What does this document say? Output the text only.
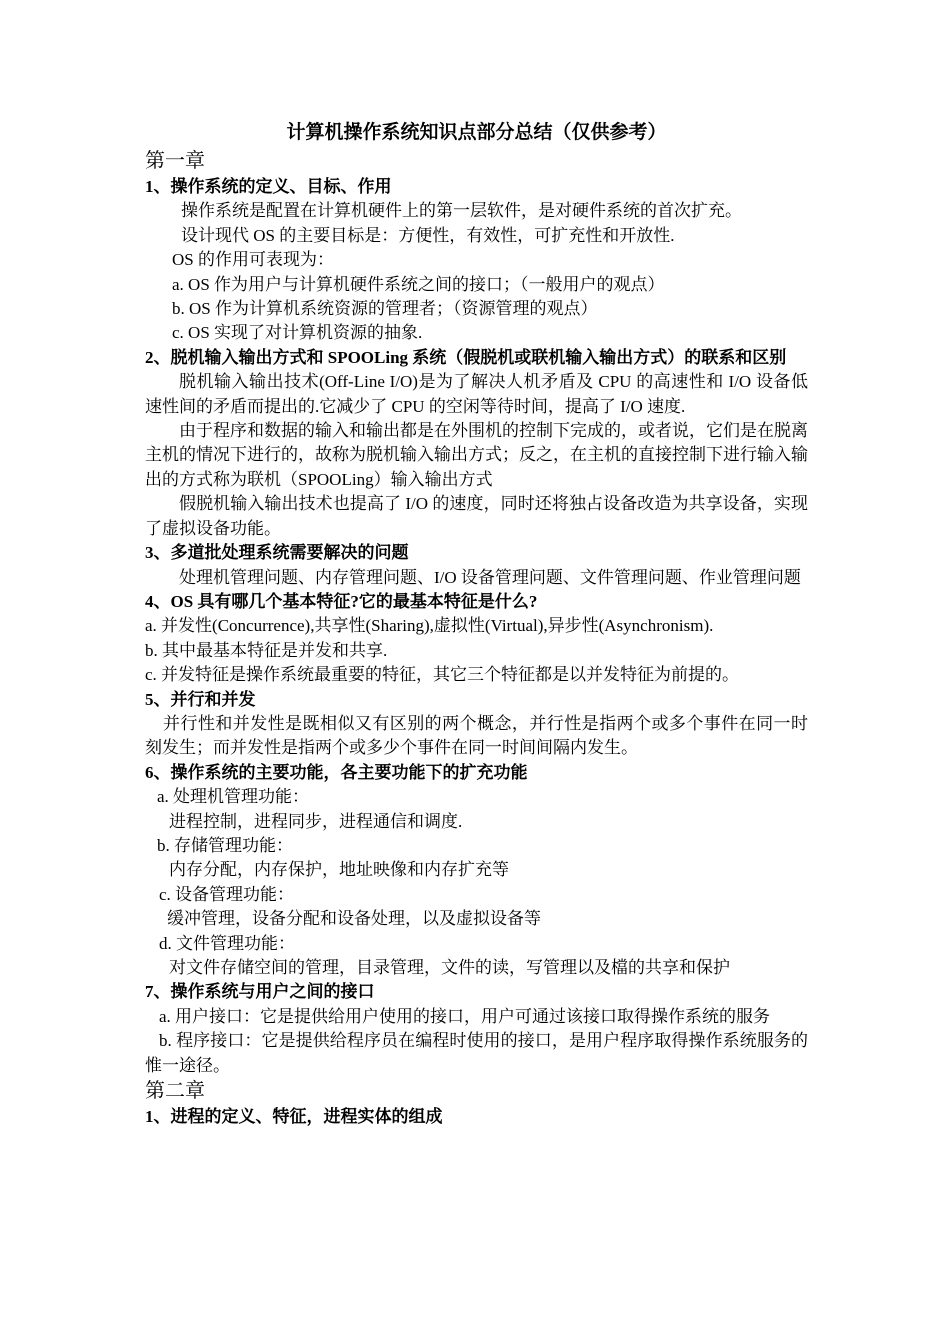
计算机操作系统知识点部分总结（仅供参考）
第一章
1、操作系统的定义、目标、作用
操作系统是配置在计算机硬件上的第一层软件，是对硬件系统的首次扩充。
设计现代 OS 的主要目标是：方便性，有效性，可扩充性和开放性.
OS 的作用可表现为：
a. OS 作为用户与计算机硬件系统之间的接口；（一般用户的观点）
b. OS 作为计算机系统资源的管理者；（资源管理的观点）
c. OS 实现了对计算机资源的抽象.
2、脱机输入输出方式和 SPOOLing 系统（假脱机或联机输入输出方式）的联系和区别
脱机输入输出技术(Off-Line I/O)是为了解决人机矛盾及 CPU 的高速性和 I/O 设备低速性间的矛盾而提出的.它减少了 CPU 的空闲等待时间，提高了 I/O 速度.
由于程序和数据的输入和输出都是在外围机的控制下完成的，或者说，它们是在脱离主机的情况下进行的，故称为脱机输入输出方式；反之，在主机的直接控制下进行输入输出的方式称为联机（SPOOLing）输入输出方式
假脱机输入输出技术也提高了 I/O 的速度，同时还将独占设备改造为共享设备，实现了虚拟设备功能。
3、多道批处理系统需要解决的问题
处理机管理问题、内存管理问题、I/O 设备管理问题、文件管理问题、作业管理问题
4、OS 具有哪几个基本特征?它的最基本特征是什么?
a. 并发性(Concurrence),共享性(Sharing),虚拟性(Virtual),异步性(Asynchronism).
b. 其中最基本特征是并发和共享.
c. 并发特征是操作系统最重要的特征，其它三个特征都是以并发特征为前提的。
5、并行和并发
并行性和并发性是既相似又有区别的两个概念，并行性是指两个或多个事件在同一时刻发生；而并发性是指两个或多少个事件在同一时间间隔内发生。
6、操作系统的主要功能，各主要功能下的扩充功能
a. 处理机管理功能：
进程控制，进程同步，进程通信和调度.
b. 存储管理功能：
内存分配，内存保护，地址映像和内存扩充等
c. 设备管理功能：
缓冲管理，设备分配和设备处理，以及虚拟设备等
d. 文件管理功能：
对文件存储空间的管理，目录管理，文件的读，写管理以及檔的共享和保护
7、操作系统与用户之间的接口
a. 用户接口：它是提供给用户使用的接口，用户可通过该接口取得操作系统的服务
b. 程序接口：它是提供给程序员在编程时使用的接口，是用户程序取得操作系统服务的惟一途径。
第二章
1、进程的定义、特征，进程实体的组成
